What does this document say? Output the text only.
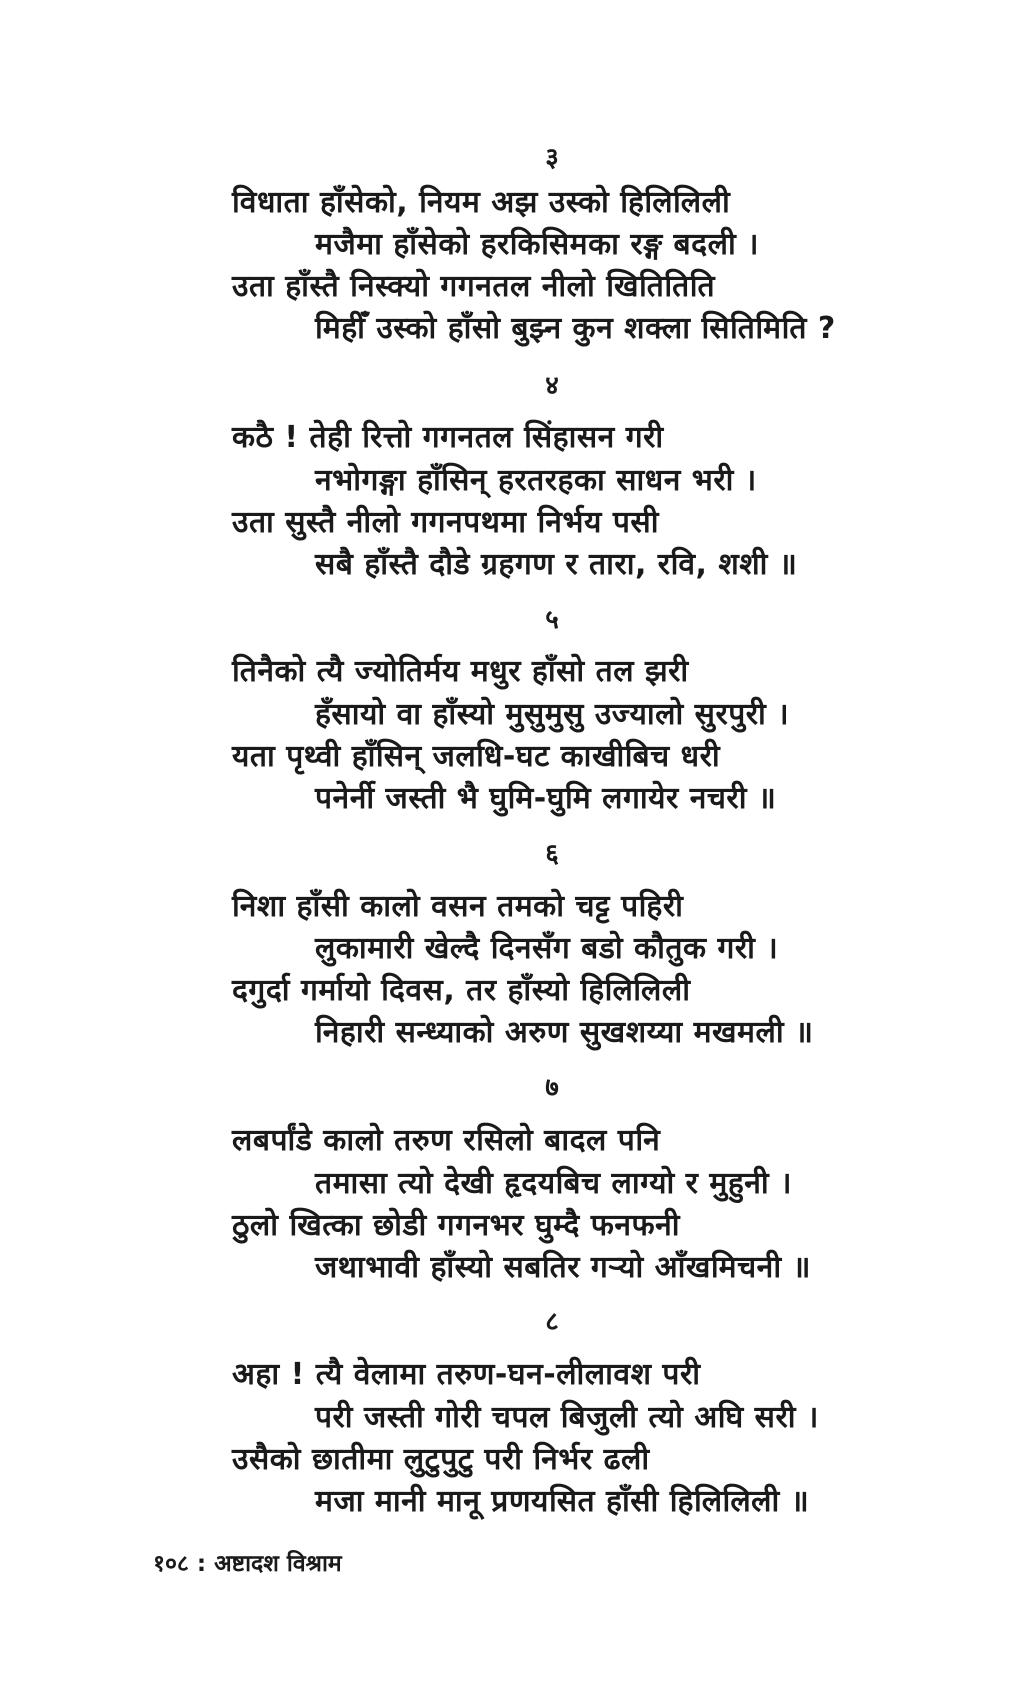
३
विधाता हाँसेको, नियम अझ उस्को हिलिलिली
मजैमा हाँसेको हरकिसिमका रङ्ग बदली ।
उता हाँस्तै निस्क्यो गगनतल नीलो खितितिति
मिहीँ उस्को हाँसो बुझ्न कुन शक्ला सितिमिति ?
४
कठै ! तेही रित्तो गगनतल सिंहासन गरी
नभोगङ्गा हाँसिन् हरतरहका साधन भरी ।
उता सुस्तै नीलो गगनपथमा निर्भय पसी
सबै हाँस्तै दौडे ग्रहगण र तारा, रवि, शशी ॥
५
तिनैको त्यै ज्योतिर्मय मधुर हाँसो तल झरी
हँसायो वा हाँस्यो मुसुमुसु उज्यालो सुरपुरी ।
यता पृथ्वी हाँसिन् जलधि-घट काखीबिच धरी
पनेर्नी जस्ती भै घुमि-घुमि लगायेर नचरी ॥
६
निशा हाँसी कालो वसन तमको चट्ट पहिरी
लुकामारी खेल्दै दिनसँग बडो कौतुक गरी ।
दगुर्दा गर्मायो दिवस, तर हाँस्यो हिलिलिली
निहारी सन्ध्याको अरुण सुखशय्या मखमली ॥
७
लबर्पांडे कालो तरुण रसिलो बादल पनि
तमासा त्यो देखी हृदयबिच लाग्यो र मुहुनी ।
ठुलो खित्का छोडी गगनभर घुम्दै फनफनी
जथाभावी हाँस्यो सबतिर गऱ्यो आँखमिचनी ॥
८
अहा ! त्यै वेलामा तरुण-घन-लीलावश परी
परी जस्ती गोरी चपल बिजुली त्यो अघि सरी ।
उसैको छातीमा लुटुपुटु परी निर्भर ढली
मजा मानी मानू प्रणयसित हाँसी हिलिलिली ॥
१०८ : अष्टादश विश्राम
